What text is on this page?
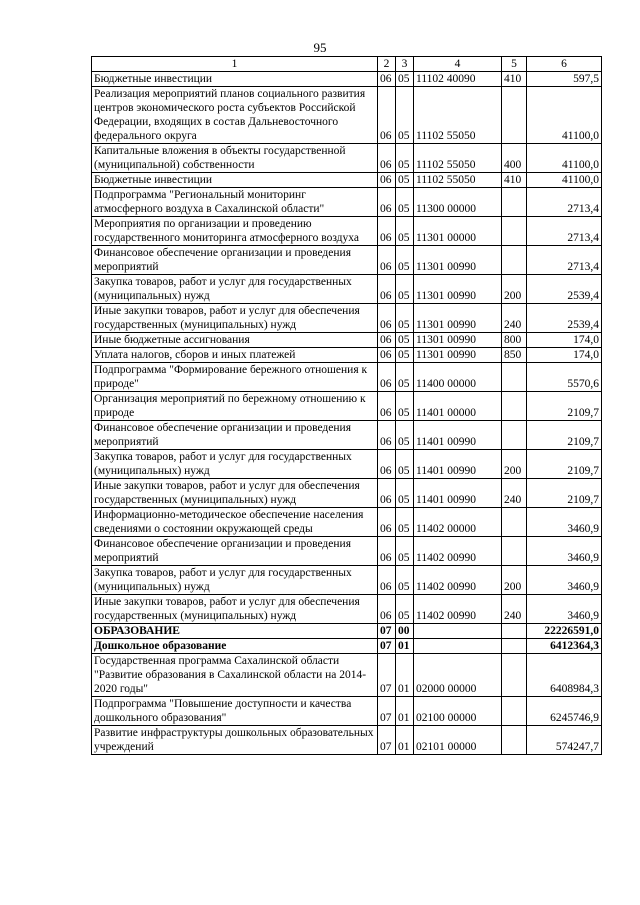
95
1	2	3	4	5	6
Бюджетные инвестиции	06	05	11102 40090	410	597,5
Реализация мероприятий планов социального развития центров экономического роста субъектов Российской Федерации, входящих в состав Дальневосточного федерального округа	06	05	11102 55050		41100,0
Капитальные вложения в объекты государственной (муниципальной) собственности	06	05	11102 55050	400	41100,0
Бюджетные инвестиции	06	05	11102 55050	410	41100,0
Подпрограмма "Региональный мониторинг атмосферного воздуха в Сахалинской области"	06	05	11300 00000		2713,4
Мероприятия по организации и проведению государственного мониторинга атмосферного воздуха	06	05	11301 00000		2713,4
Финансовое обеспечение организации и проведения мероприятий	06	05	11301 00990		2713,4
Закупка товаров, работ и услуг для государственных (муниципальных) нужд	06	05	11301 00990	200	2539,4
Иные закупки товаров, работ и услуг для обеспечения государственных (муниципальных) нужд	06	05	11301 00990	240	2539,4
Иные бюджетные ассигнования	06	05	11301 00990	800	174,0
Уплата налогов, сборов и иных платежей	06	05	11301 00990	850	174,0
Подпрограмма "Формирование бережного отношения к природе"	06	05	11400 00000		5570,6
Организация мероприятий по бережному отношению к природе	06	05	11401 00000		2109,7
Финансовое обеспечение организации и проведения мероприятий	06	05	11401 00990		2109,7
Закупка товаров, работ и услуг для государственных (муниципальных) нужд	06	05	11401 00990	200	2109,7
Иные закупки товаров, работ и услуг для обеспечения государственных (муниципальных) нужд	06	05	11401 00990	240	2109,7
Информационно-методическое обеспечение населения сведениями о состоянии окружающей среды	06	05	11402 00000		3460,9
Финансовое обеспечение организации и проведения мероприятий	06	05	11402 00990		3460,9
Закупка товаров, работ и услуг для государственных (муниципальных) нужд	06	05	11402 00990	200	3460,9
Иные закупки товаров, работ и услуг для обеспечения государственных (муниципальных) нужд	06	05	11402 00990	240	3460,9
ОБРАЗОВАНИЕ	07	00			22226591,0
Дошкольное образование	07	01			6412364,3
Государственная программа Сахалинской области "Развитие образования в Сахалинской области на 2014-2020 годы"	07	01	02000 00000		6408984,3
Подпрограмма "Повышение доступности и качества дошкольного образования"	07	01	02100 00000		6245746,9
Развитие инфраструктуры дошкольных образовательных учреждений	07	01	02101 00000		574247,7
